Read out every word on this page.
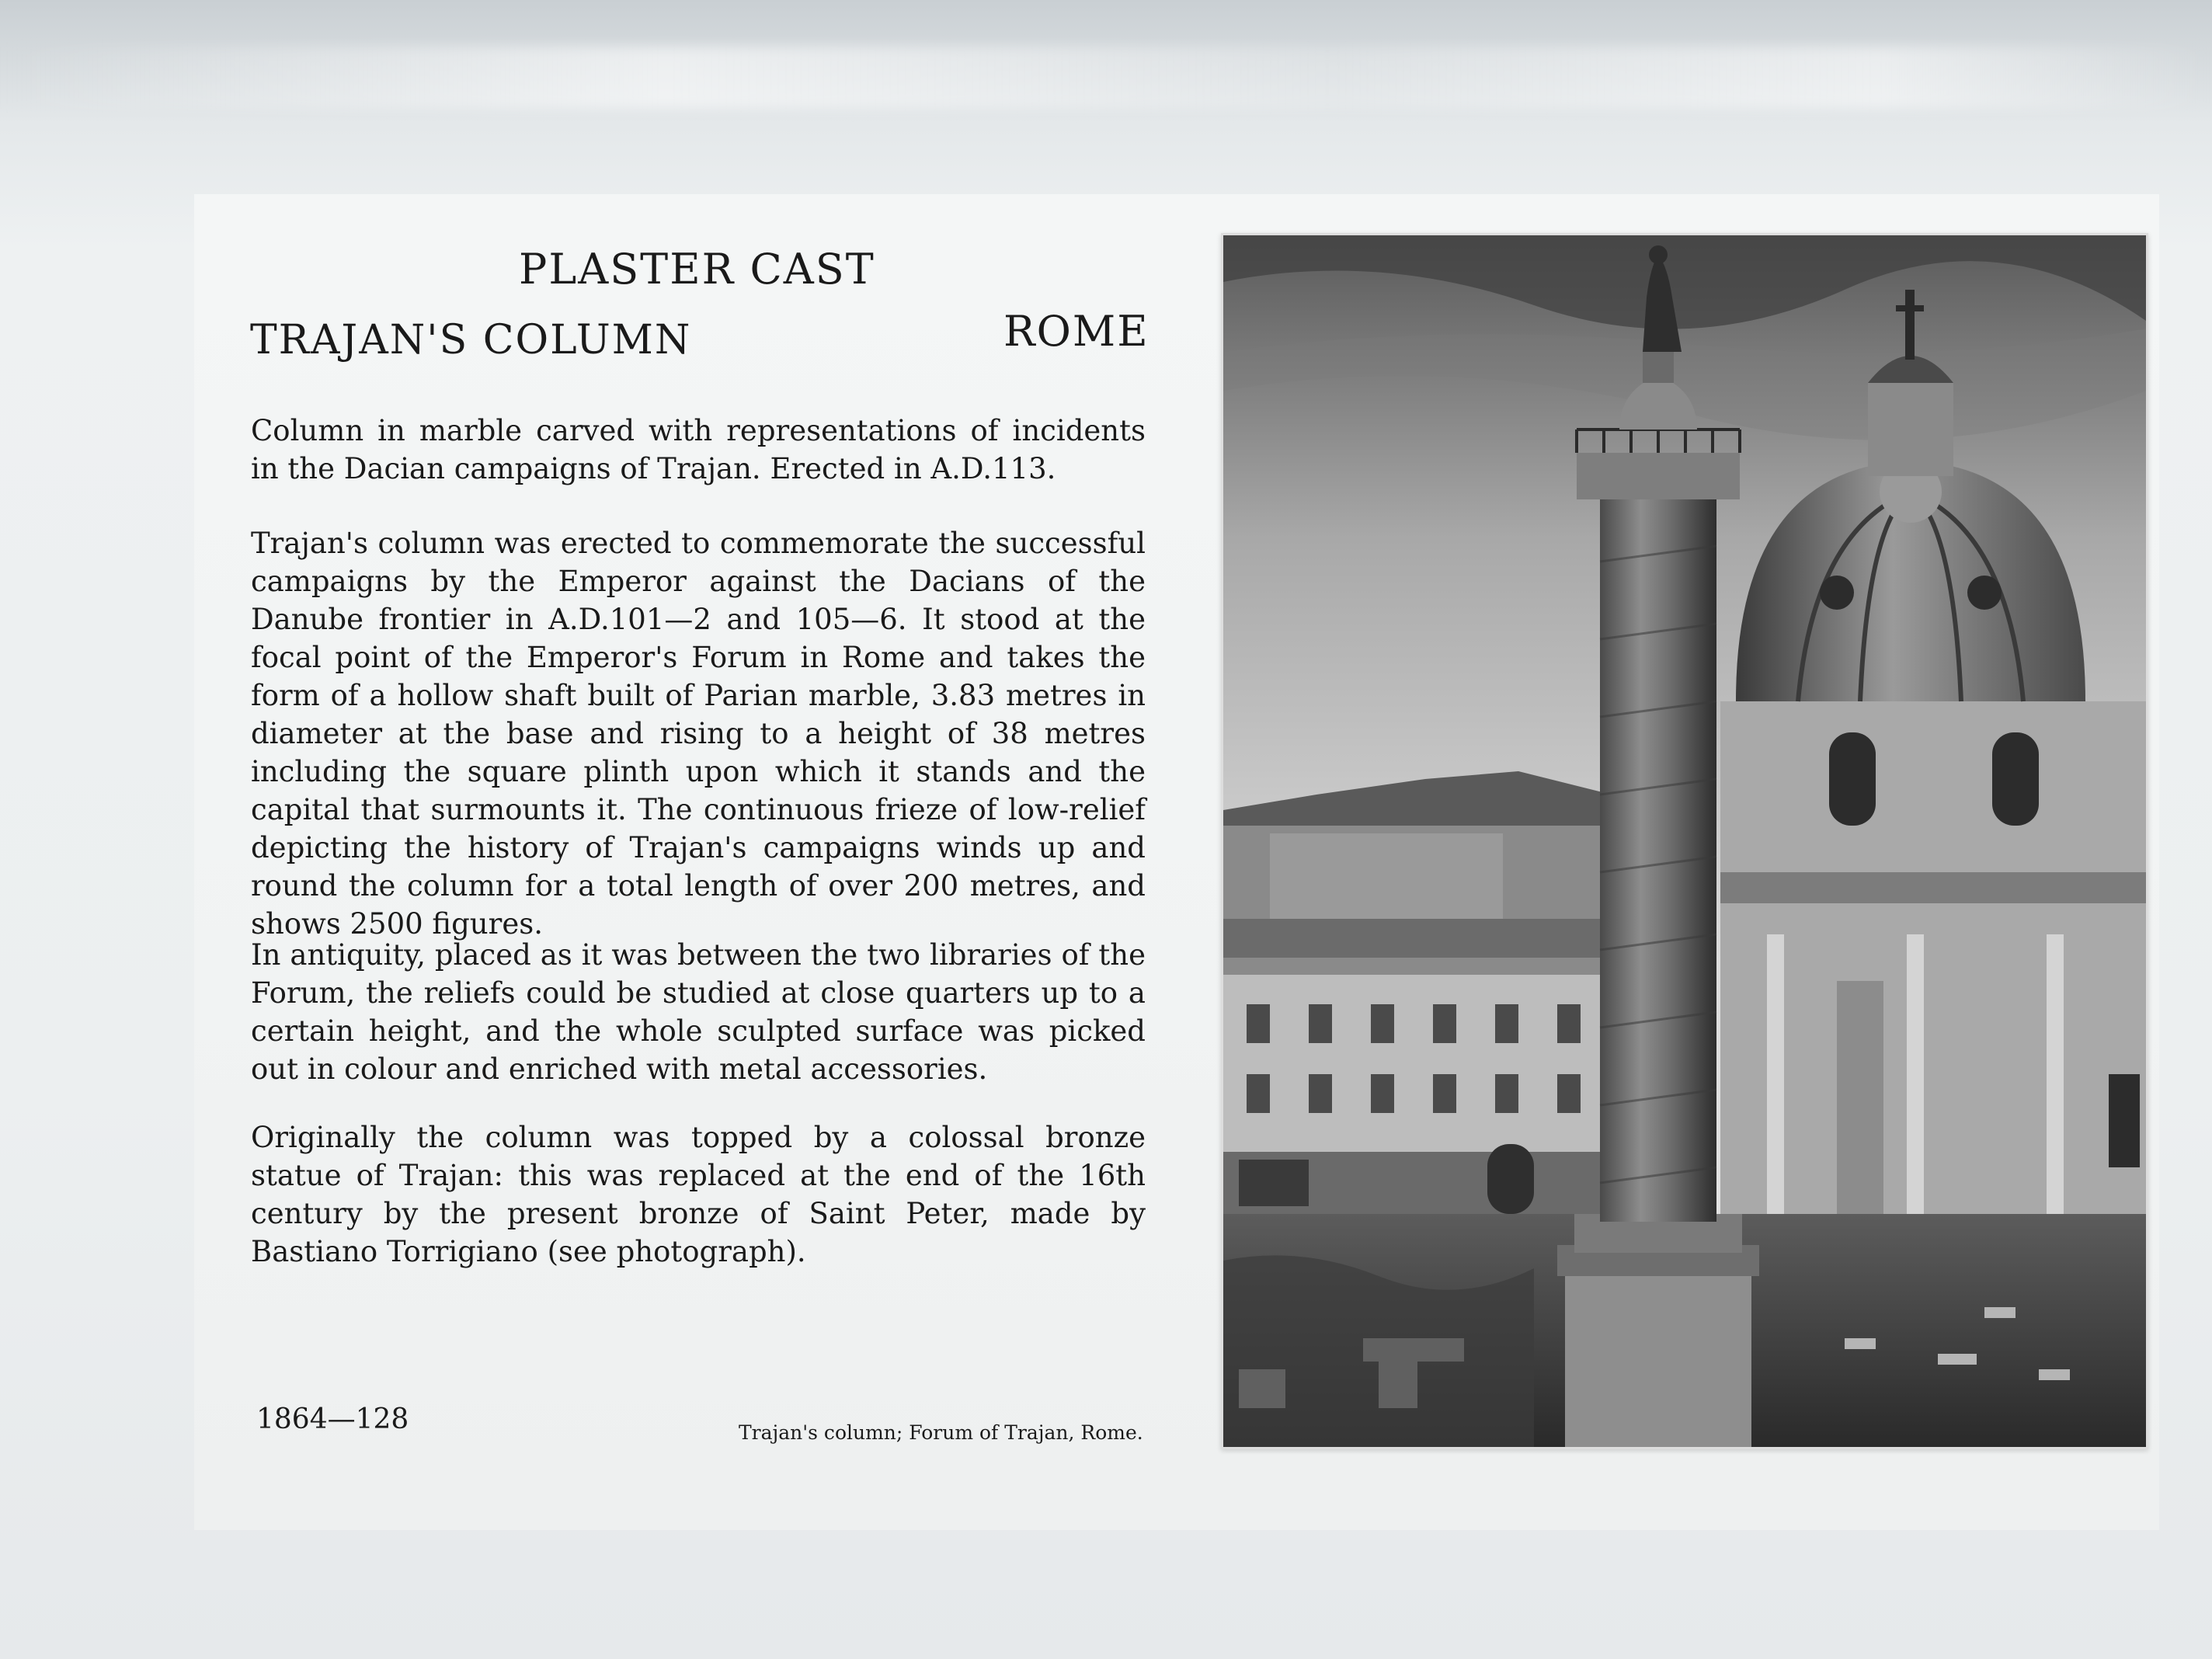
PLASTER CAST
TRAJAN'S COLUMN	ROME
Column in marble carved with representations of incidents in the Dacian campaigns of Trajan. Erected in A.D.113.
Trajan's column was erected to commemorate the successful campaigns by the Emperor against the Dacians of the Danube frontier in A.D.101—2 and 105—6. It stood at the focal point of the Emperor's Forum in Rome and takes the form of a hollow shaft built of Parian marble, 3.83 metres in diameter at the base and rising to a height of 38 metres including the square plinth upon which it stands and the capital that surmounts it. The continuous frieze of low-relief depicting the history of Trajan's campaigns winds up and round the column for a total length of over 200 metres, and shows 2500 figures.
In antiquity, placed as it was between the two libraries of the Forum, the reliefs could be studied at close quarters up to a certain height, and the whole sculpted surface was picked out in colour and enriched with metal accessories.
Originally the column was topped by a colossal bronze statue of Trajan: this was replaced at the end of the 16th century by the present bronze of Saint Peter, made by Bastiano Torrigiano (see photograph).
1864—128	Trajan's column; Forum of Trajan, Rome.
